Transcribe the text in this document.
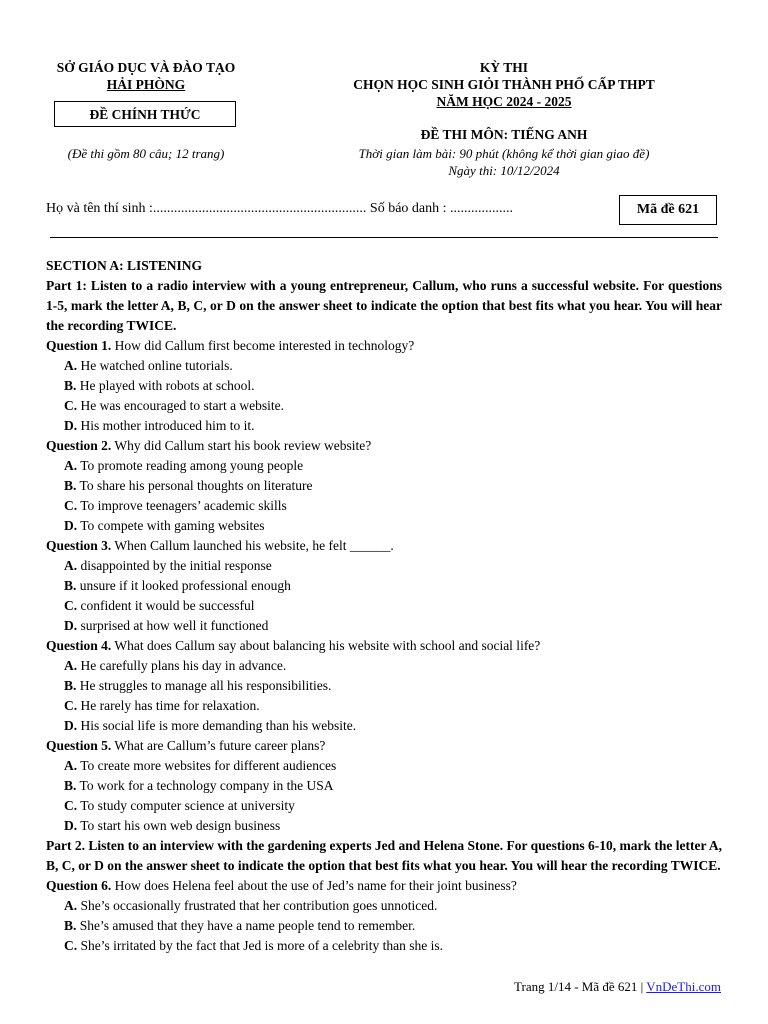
SỞ GIÁO DỤC VÀ ĐÀO TẠO
HẢI PHÒNG
ĐỀ CHÍNH THỨC
(Đề thi gồm 80 câu; 12 trang)
KỲ THI
CHỌN HỌC SINH GIỎI THÀNH PHỐ CẤP THPT
NĂM HỌC 2024 - 2025
ĐỀ THI MÔN: TIẾNG ANH
Thời gian làm bài: 90 phút (không kể thời gian giao đề)
Ngày thi: 10/12/2024
Họ và tên thí sinh :............................................................. Số báo danh : ..................	Mã đề 621
SECTION A: LISTENING
Part 1: Listen to a radio interview with a young entrepreneur, Callum, who runs a successful website. For questions 1-5, mark the letter A, B, C, or D on the answer sheet to indicate the option that best fits what you hear. You will hear the recording TWICE.
Question 1. How did Callum first become interested in technology?
A. He watched online tutorials.
B. He played with robots at school.
C. He was encouraged to start a website.
D. His mother introduced him to it.
Question 2. Why did Callum start his book review website?
A. To promote reading among young people
B. To share his personal thoughts on literature
C. To improve teenagers’ academic skills
D. To compete with gaming websites
Question 3. When Callum launched his website, he felt ______.
A. disappointed by the initial response
B. unsure if it looked professional enough
C. confident it would be successful
D. surprised at how well it functioned
Question 4. What does Callum say about balancing his website with school and social life?
A. He carefully plans his day in advance.
B. He struggles to manage all his responsibilities.
C. He rarely has time for relaxation.
D. His social life is more demanding than his website.
Question 5. What are Callum’s future career plans?
A. To create more websites for different audiences
B. To work for a technology company in the USA
C. To study computer science at university
D. To start his own web design business
Part 2. Listen to an interview with the gardening experts Jed and Helena Stone. For questions 6-10, mark the letter A, B, C, or D on the answer sheet to indicate the option that best fits what you hear. You will hear the recording TWICE.
Question 6. How does Helena feel about the use of Jed’s name for their joint business?
A. She’s occasionally frustrated that her contribution goes unnoticed.
B. She’s amused that they have a name people tend to remember.
C. She’s irritated by the fact that Jed is more of a celebrity than she is.
Trang 1/14 - Mã đề 621 | VnDeThi.com
